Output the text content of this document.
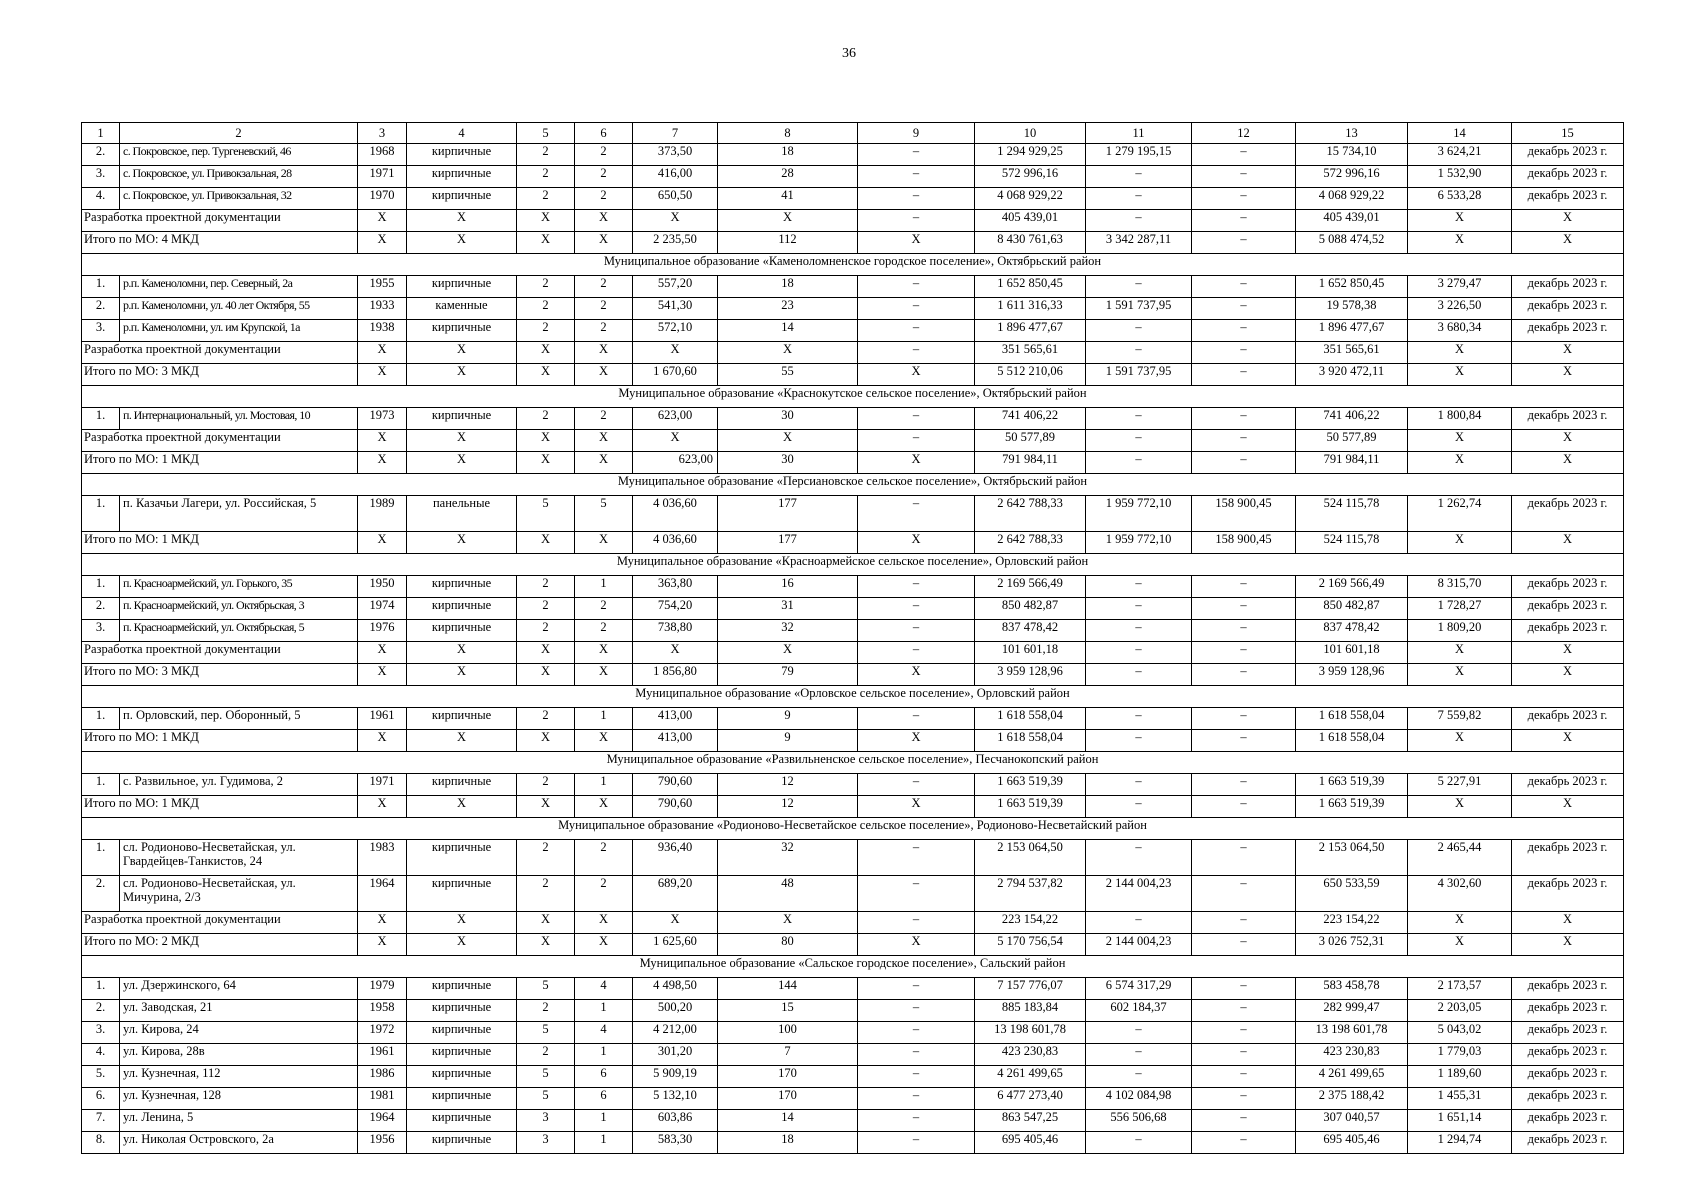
36
1	2	3	4	5	6	7	8	9	10	11	12	13	14	15
2.	с. Покровское, пер. Тургеневский, 46	1968	кирпичные	2	2	373,50	18	–	1 294 929,25	1 279 195,15	–	15 734,10	3 624,21	декабрь 2023 г.
3.	с. Покровское, ул. Привокзальная, 28	1971	кирпичные	2	2	416,00	28	–	572 996,16	–	–	572 996,16	1 532,90	декабрь 2023 г.
4.	с. Покровское, ул. Привокзальная, 32	1970	кирпичные	2	2	650,50	41	–	4 068 929,22	–	–	4 068 929,22	6 533,28	декабрь 2023 г.
Разработка проектной документации		X	X	X	X	X	X	–	405 439,01	–	–	405 439,01	X	X
Итого по МО: 4 МКД		X	X	X	X	2 235,50	112	X	8 430 761,63	3 342 287,11	–	5 088 474,52	X	X
Муниципальное образование «Каменоломненское городское поселение», Октябрьский район														
1.	р.п. Каменоломни, пер. Северный, 2а	1955	кирпичные	2	2	557,20	18	–	1 652 850,45	–	–	1 652 850,45	3 279,47	декабрь 2023 г.
2.	р.п. Каменоломни, ул. 40 лет Октября, 55	1933	каменные	2	2	541,30	23	–	1 611 316,33	1 591 737,95	–	19 578,38	3 226,50	декабрь 2023 г.
3.	р.п. Каменоломни, ул. им Крупской, 1а	1938	кирпичные	2	2	572,10	14	–	1 896 477,67	–	–	1 896 477,67	3 680,34	декабрь 2023 г.
Разработка проектной документации		X	X	X	X	X	X	–	351 565,61	–	–	351 565,61	X	X
Итого по МО: 3 МКД		X	X	X	X	1 670,60	55	X	5 512 210,06	1 591 737,95	–	3 920 472,11	X	X
Муниципальное образование «Краснокутское сельское поселение», Октябрьский район														
1.	п. Интернациональный, ул. Мостовая, 10	1973	кирпичные	2	2	623,00	30	–	741 406,22	–	–	741 406,22	1 800,84	декабрь 2023 г.
Разработка проектной документации		X	X	X	X	X	X	–	50 577,89	–	–	50 577,89	X	X
Итого по МО: 1 МКД		X	X	X	X	623,00	30	X	791 984,11	–	–	791 984,11	X	X
Муниципальное образование «Персиановское сельское поселение», Октябрьский район														
1.	п. Казачьи Лагери, ул. Российская, 5	1989	панельные	5	5	4 036,60	177	–	2 642 788,33	1 959 772,10	158 900,45	524 115,78	1 262,74	декабрь 2023 г.
Итого по МО: 1 МКД		X	X	X	X	4 036,60	177	X	2 642 788,33	1 959 772,10	158 900,45	524 115,78	X	X
Муниципальное образование «Красноармейское сельское поселение», Орловский район														
1.	п. Красноармейский, ул. Горького, 35	1950	кирпичные	2	1	363,80	16	–	2 169 566,49	–	–	2 169 566,49	8 315,70	декабрь 2023 г.
2.	п. Красноармейский, ул. Октябрьская, 3	1974	кирпичные	2	2	754,20	31	–	850 482,87	–	–	850 482,87	1 728,27	декабрь 2023 г.
3.	п. Красноармейский, ул. Октябрьская, 5	1976	кирпичные	2	2	738,80	32	–	837 478,42	–	–	837 478,42	1 809,20	декабрь 2023 г.
Разработка проектной документации		X	X	X	X	X	X	–	101 601,18	–	–	101 601,18	X	X
Итого по МО: 3 МКД		X	X	X	X	1 856,80	79	X	3 959 128,96	–	–	3 959 128,96	X	X
Муниципальное образование «Орловское сельское поселение», Орловский район														
1.	п. Орловский, пер. Оборонный, 5	1961	кирпичные	2	1	413,00	9	–	1 618 558,04	–	–	1 618 558,04	7 559,82	декабрь 2023 г.
Итого по МО: 1 МКД		X	X	X	X	413,00	9	X	1 618 558,04	–	–	1 618 558,04	X	X
Муниципальное образование «Развильненское сельское поселение», Песчанокопский район														
1.	с. Развильное, ул. Гудимова, 2	1971	кирпичные	2	1	790,60	12	–	1 663 519,39	–	–	1 663 519,39	5 227,91	декабрь 2023 г.
Итого по МО: 1 МКД		X	X	X	X	790,60	12	X	1 663 519,39	–	–	1 663 519,39	X	X
Муниципальное образование «Родионово-Несветайское сельское поселение», Родионово-Несветайский район														
1.	сл. Родионово-Несветайская, ул. Гвардейцев-Танкистов, 24	1983	кирпичные	2	2	936,40	32	–	2 153 064,50	–	–	2 153 064,50	2 465,44	декабрь 2023 г.
2.	сл. Родионово-Несветайская, ул. Мичурина, 2/3	1964	кирпичные	2	2	689,20	48	–	2 794 537,82	2 144 004,23	–	650 533,59	4 302,60	декабрь 2023 г.
Разработка проектной документации		X	X	X	X	X	X	–	223 154,22	–	–	223 154,22	X	X
Итого по МО: 2 МКД		X	X	X	X	1 625,60	80	X	5 170 756,54	2 144 004,23	–	3 026 752,31	X	X
Муниципальное образование «Сальское городское поселение», Сальский район														
1.	ул. Дзержинского, 64	1979	кирпичные	5	4	4 498,50	144	–	7 157 776,07	6 574 317,29	–	583 458,78	2 173,57	декабрь 2023 г.
2.	ул. Заводская, 21	1958	кирпичные	2	1	500,20	15	–	885 183,84	602 184,37	–	282 999,47	2 203,05	декабрь 2023 г.
3.	ул. Кирова, 24	1972	кирпичные	5	4	4 212,00	100	–	13 198 601,78	–	–	13 198 601,78	5 043,02	декабрь 2023 г.
4.	ул. Кирова, 28в	1961	кирпичные	2	1	301,20	7	–	423 230,83	–	–	423 230,83	1 779,03	декабрь 2023 г.
5.	ул. Кузнечная, 112	1986	кирпичные	5	6	5 909,19	170	–	4 261 499,65	–	–	4 261 499,65	1 189,60	декабрь 2023 г.
6.	ул. Кузнечная, 128	1981	кирпичные	5	6	5 132,10	170	–	6 477 273,40	4 102 084,98	–	2 375 188,42	1 455,31	декабрь 2023 г.
7.	ул. Ленина, 5	1964	кирпичные	3	1	603,86	14	–	863 547,25	556 506,68	–	307 040,57	1 651,14	декабрь 2023 г.
8.	ул. Николая Островского, 2а	1956	кирпичные	3	1	583,30	18	–	695 405,46	–	–	695 405,46	1 294,74	декабрь 2023 г.
